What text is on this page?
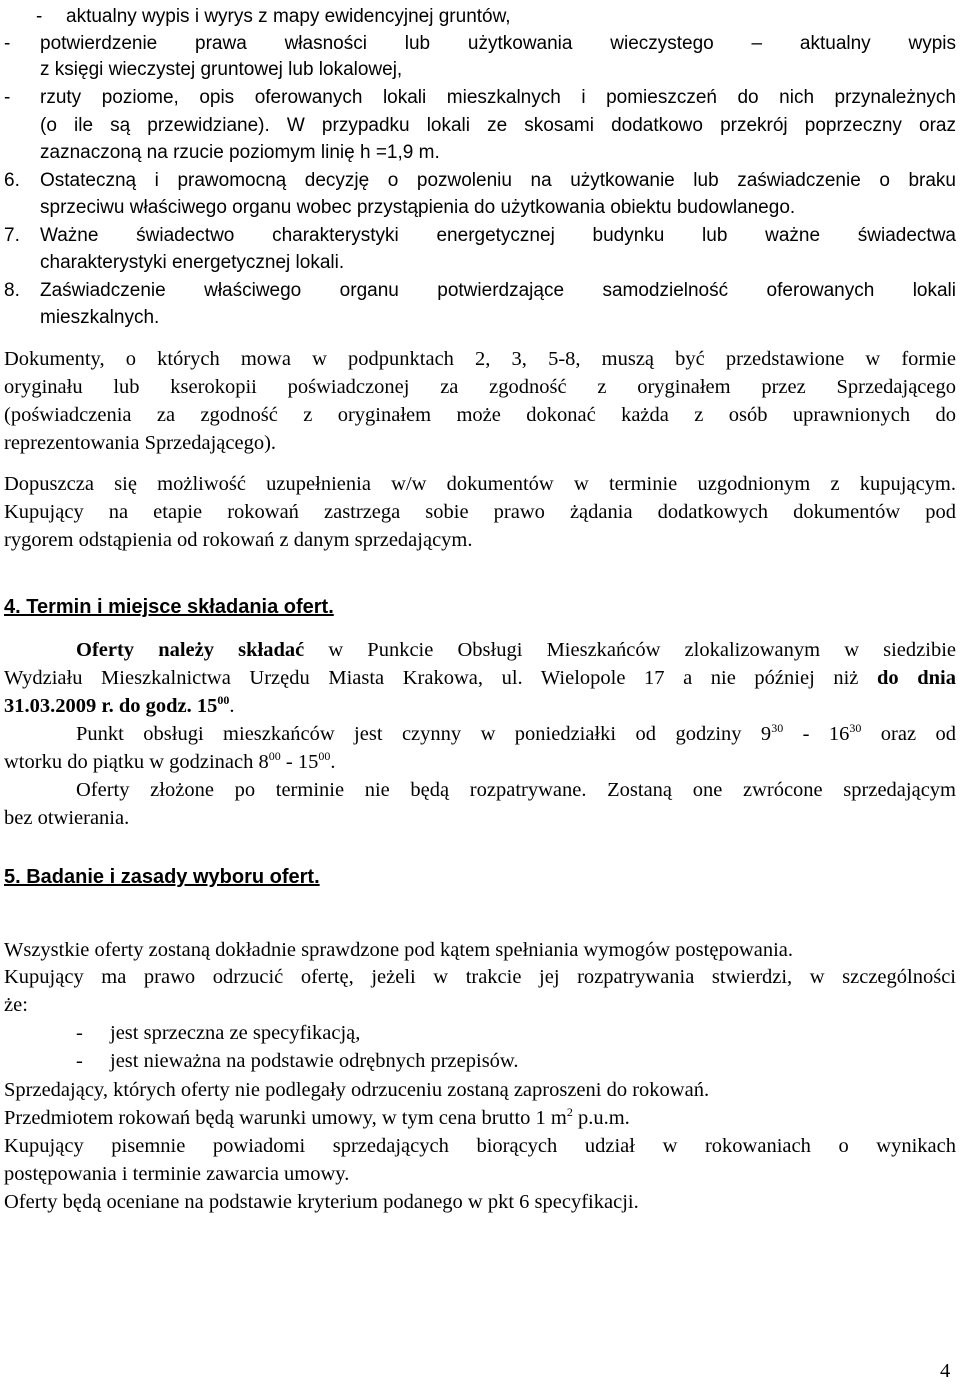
- aktualny wypis i wyrys z mapy ewidencyjnej gruntów,
- potwierdzenie prawa własności lub użytkowania wieczystego – aktualny wypis
z księgi wieczystej gruntowej lub lokalowej,
- rzuty poziome, opis oferowanych lokali mieszkalnych i pomieszczeń do nich przynależnych
(o ile są przewidziane). W przypadku lokali ze skosami dodatkowo przekrój poprzeczny oraz
zaznaczoną na rzucie poziomym linię h =1,9 m.
6. Ostateczną i prawomocną decyzję o pozwoleniu na użytkowanie lub zaświadczenie o braku
sprzeciwu właściwego organu wobec przystąpienia do użytkowania obiektu budowlanego.
7. Ważne świadectwo charakterystyki energetycznej budynku lub ważne świadectwa
charakterystyki energetycznej lokali.
8. Zaświadczenie właściwego organu potwierdzające samodzielność oferowanych lokali
mieszkalnych.
Dokumenty, o których mowa w podpunktach 2, 3, 5-8, muszą być przedstawione w formie
oryginału lub kserokopii poświadczonej za zgodność z oryginałem przez Sprzedającego
(poświadczenia za zgodność z oryginałem może dokonać każda z osób uprawnionych do
reprezentowania Sprzedającego).
Dopuszcza się możliwość uzupełnienia w/w dokumentów w terminie uzgodnionym z kupującym.
Kupujący na etapie rokowań zastrzega sobie prawo żądania dodatkowych dokumentów pod
rygorem odstąpienia od rokowań z danym sprzedającym.
4. Termin i miejsce składania ofert.
Oferty należy składać w Punkcie Obsługi Mieszkańców zlokalizowanym w siedzibie
Wydziału Mieszkalnictwa Urzędu Miasta Krakowa, ul. Wielopole 17 a nie później niż do dnia
31.03.2009 r. do godz. $15^{00}$.
Punkt obsługi mieszkańców jest czynny w poniedziałki od godziny $9^{30} - 16^{30}$ oraz od
wtorku do piątku w godzinach $8^{00} - 15^{00}$.
Oferty złożone po terminie nie będą rozpatrywane. Zostaną one zwrócone sprzedającym
bez otwierania.
5. Badanie i zasady wyboru ofert.
Wszystkie oferty zostaną dokładnie sprawdzone pod kątem spełniania wymogów postępowania.
Kupujący ma prawo odrzucić ofertę, jeżeli w trakcie jej rozpatrywania stwierdzi, w szczególności
że:
- jest sprzeczna ze specyfikacją,
- jest nieważna na podstawie odrębnych przepisów.
Sprzedający, których oferty nie podlegały odrzuceniu zostaną zaproszeni do rokowań.
Przedmiotem rokowań będą warunki umowy, w tym cena brutto 1 $m^2$ p.u.m.
Kupujący pisemnie powiadomi sprzedających biorących udział w rokowaniach o wynikach
postępowania i terminie zawarcia umowy.
Oferty będą oceniane na podstawie kryterium podanego w pkt 6 specyfikacji.
4
